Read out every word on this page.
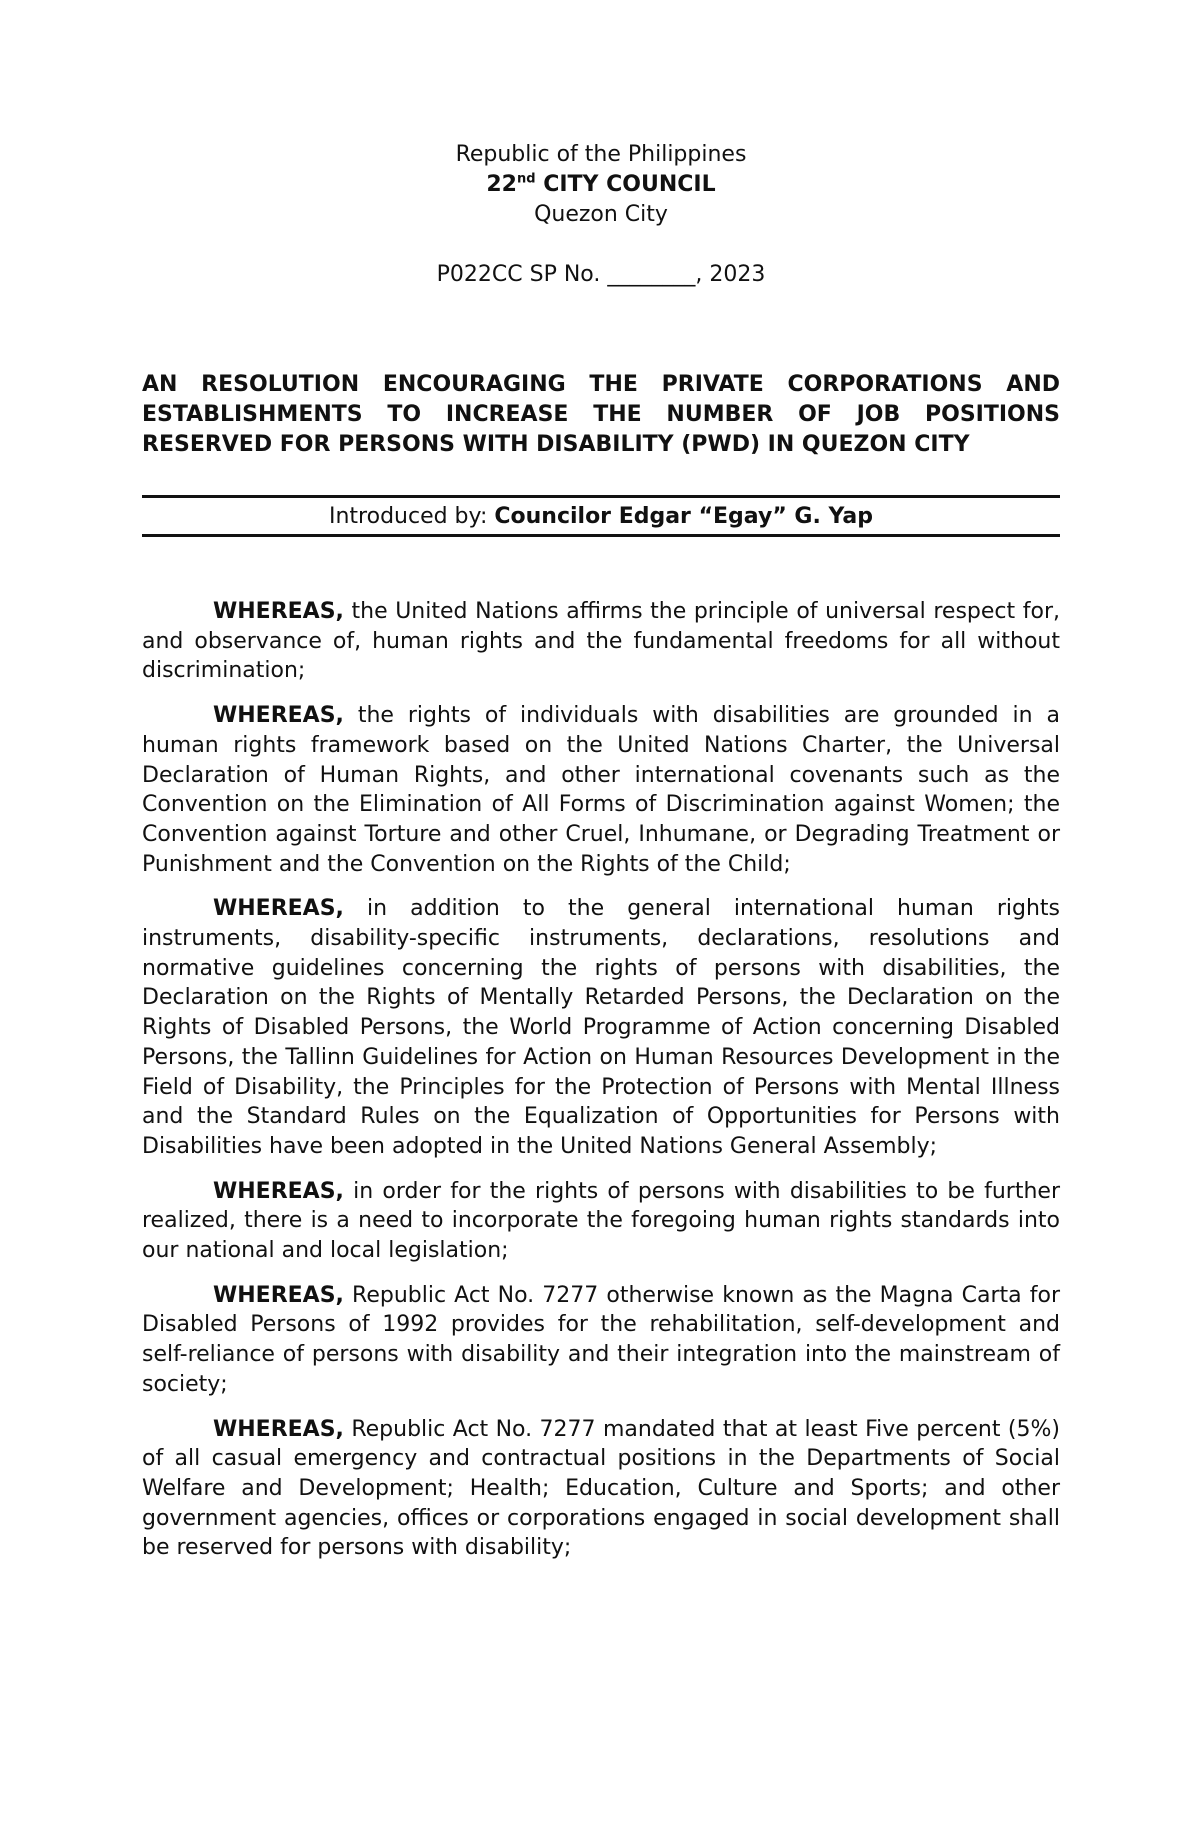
Republic of the Philippines
22nd CITY COUNCIL
Quezon City
P022CC SP No. ________, 2023
AN RESOLUTION ENCOURAGING THE PRIVATE CORPORATIONS AND ESTABLISHMENTS TO INCREASE THE NUMBER OF JOB POSITIONS RESERVED FOR PERSONS WITH DISABILITY (PWD) IN QUEZON CITY
Introduced by: Councilor Edgar “Egay” G. Yap

WHEREAS, the United Nations affirms the principle of universal respect for, and observance of, human rights and the fundamental freedoms for all without discrimination;

WHEREAS, the rights of individuals with disabilities are grounded in a human rights framework based on the United Nations Charter, the Universal Declaration of Human Rights, and other international covenants such as the Convention on the Elimination of All Forms of Discrimination against Women; the Convention against Torture and other Cruel, Inhumane, or Degrading Treatment or Punishment and the Convention on the Rights of the Child;

WHEREAS, in addition to the general international human rights instruments, disability-specific instruments, declarations, resolutions and normative guidelines concerning the rights of persons with disabilities, the Declaration on the Rights of Mentally Retarded Persons, the Declaration on the Rights of Disabled Persons, the World Programme of Action concerning Disabled Persons, the Tallinn Guidelines for Action on Human Resources Development in the Field of Disability, the Principles for the Protection of Persons with Mental Illness and the Standard Rules on the Equalization of Opportunities for Persons with Disabilities have been adopted in the United Nations General Assembly;

WHEREAS, in order for the rights of persons with disabilities to be further realized, there is a need to incorporate the foregoing human rights standards into our national and local legislation;

WHEREAS, Republic Act No. 7277 otherwise known as the Magna Carta for Disabled Persons of 1992 provides for the rehabilitation, self-development and self-reliance of persons with disability and their integration into the mainstream of society;

WHEREAS, Republic Act No. 7277 mandated that at least Five percent (5%) of all casual emergency and contractual positions in the Departments of Social Welfare and Development; Health; Education, Culture and Sports; and other government agencies, offices or corporations engaged in social development shall be reserved for persons with disability;
